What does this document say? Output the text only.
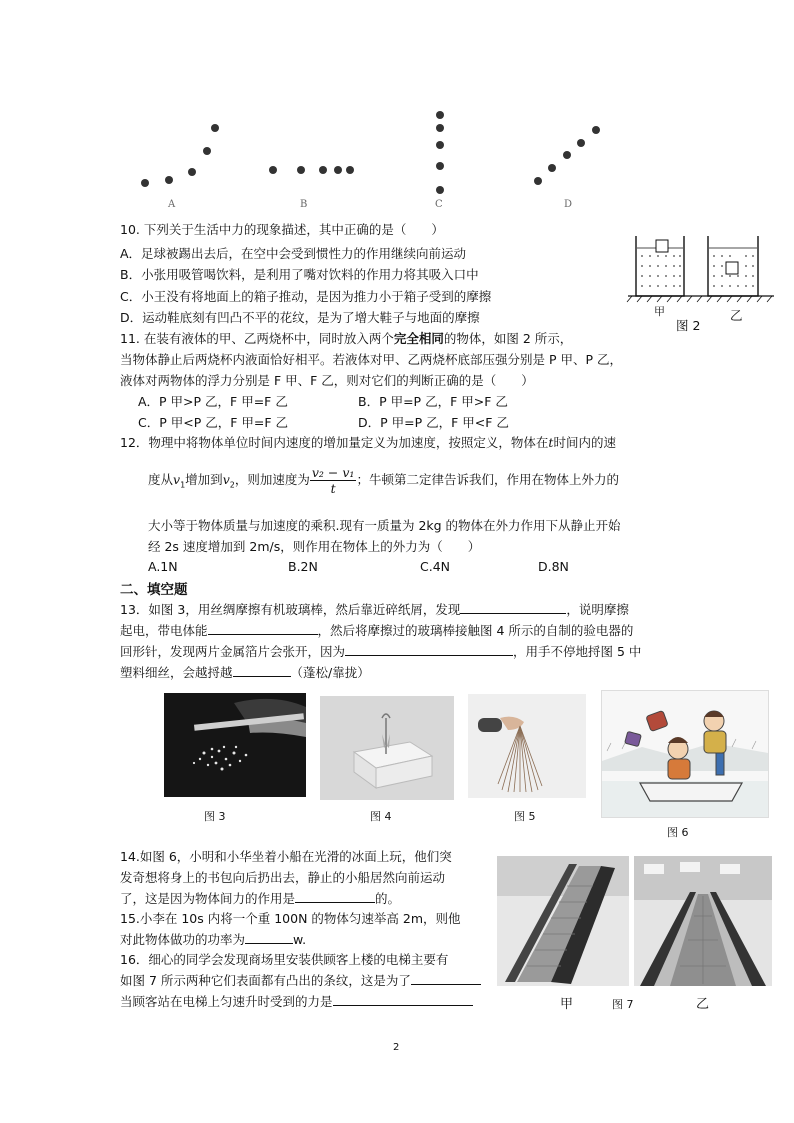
A	B	C	D
10. 下列关于生活中力的现象描述，其中正确的是（　　）
A．足球被踢出去后，在空中会受到惯性力的作用继续向前运动
B．小张用吸管喝饮料，是利用了嘴对饮料的作用力将其吸入口中
C．小王没有将地面上的箱子推动，是因为推力小于箱子受到的摩擦
D．运动鞋底刻有凹凸不平的花纹，是为了增大鞋子与地面的摩擦	甲
图 2
乙
11. 在装有液体的甲、乙两烧杯中，同时放入两个完全相同的物体，如图 2 所示，
当物体静止后两烧杯内液面恰好相平。若液体对甲、乙两烧杯底部压强分别是 P 甲、P 乙，
液体对两物体的浮力分别是 F 甲、F 乙，则对它们的判断正确的是（　　）
A．P 甲>P 乙，F 甲=F 乙	B．P 甲=P 乙，F 甲>F 乙
C．P 甲<P 乙，F 甲=F 乙	D．P 甲=P 乙，F 甲<F 乙
12．物理中将物体单位时间内速度的增加量定义为加速度，按照定义，物体在t时间内的速
度从$v_1$增加到$v_2$，则加速度为 $\frac{\text{v₂ − v₁}}{t}$ ；牛顿第二定律告诉我们，作用在物体上外力的
大小等于物体质量与加速度的乘积.现有一质量为 2kg 的物体在外力作用下从静止开始
经 2s 速度增加到 2m/s，则作用在物体上的外力为（　　）
A.1N	B.2N	C.4N	D.8N
二、填空题
13．如图 3，用丝绸摩擦有机玻璃棒，然后靠近碎纸屑，发现	，说明摩擦
起电，带电体能	，然后将摩擦过的玻璃棒接触图 4 所示的自制的验电器的
回形针，发现两片金属箔片会张开，因为	，用手不停地捋图 5 中
塑料细丝，会越捋越	（蓬松/靠拢）
图 3	图 4	图 5
图 6
14.如图 6，小明和小华坐着小船在光滑的冰面上玩，他们突
发奇想将身上的书包向后扔出去，静止的小船居然向前运动
了，这是因为物体间力的作用是	的。
15.小李在 10s 内将一个重 100N 的物体匀速举高 2m，则他
对此物体做功的功率为	w.
16．细心的同学会发现商场里安装供顾客上楼的电梯主要有
如图 7 所示两种它们表面都有凸出的条纹，这是为了
当顾客站在电梯上匀速升时受到的力是	甲	图 7	乙
2
